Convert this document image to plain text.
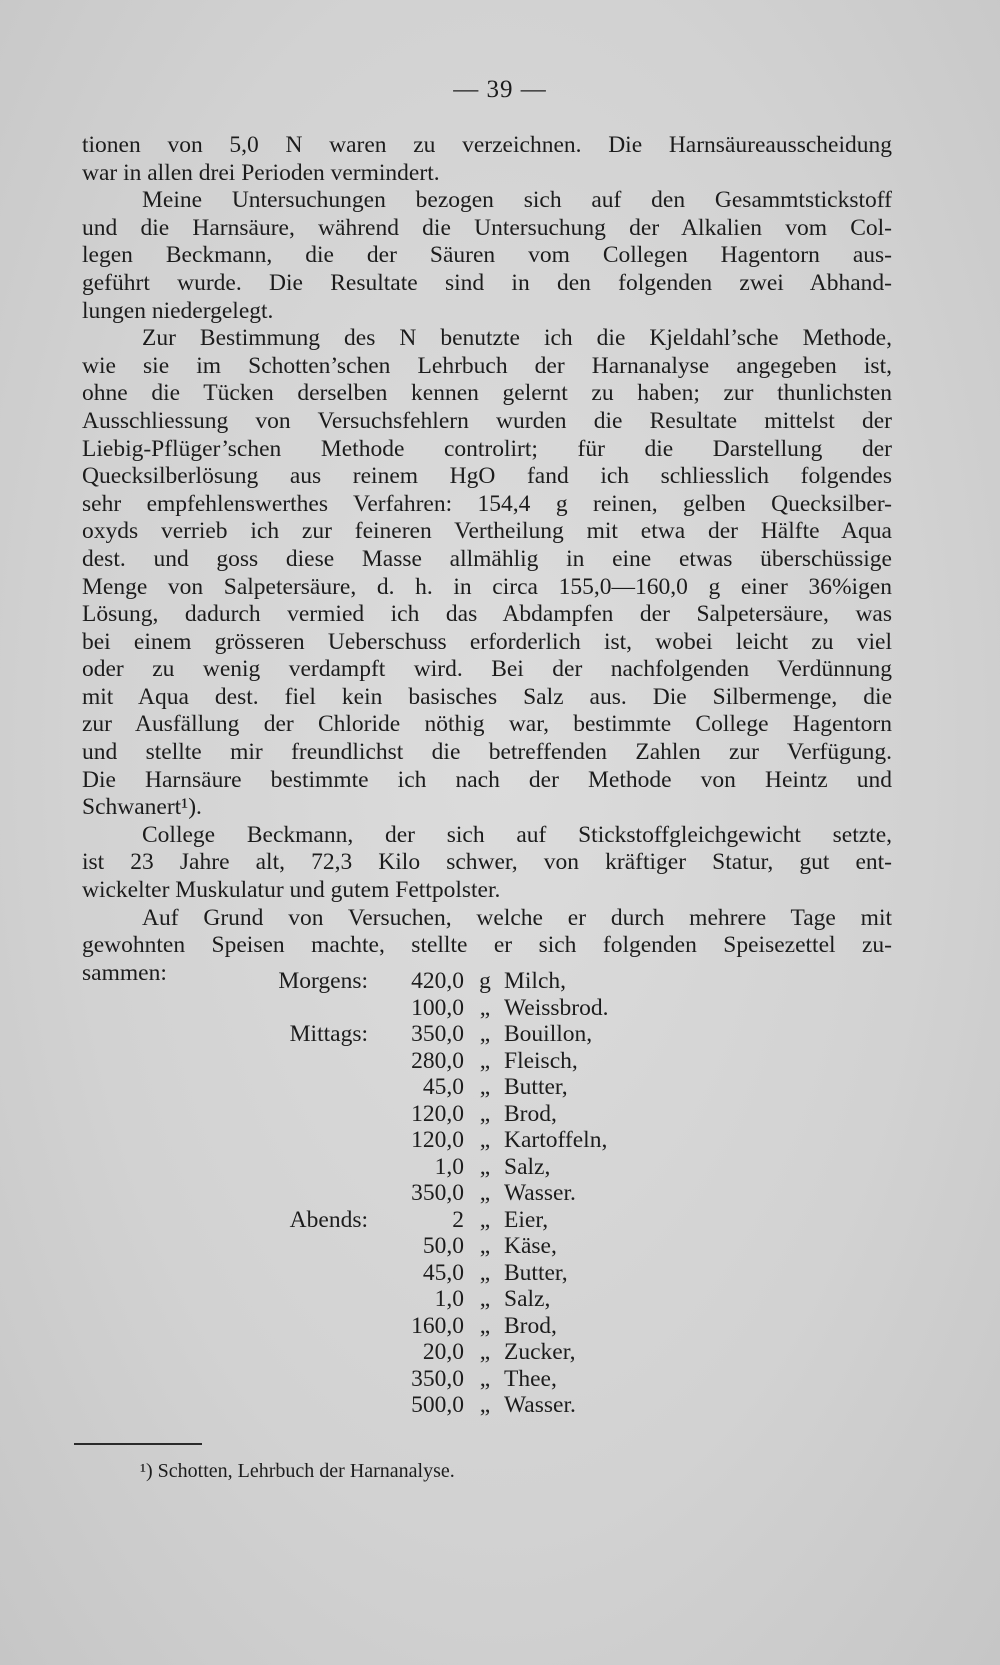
— 39 —
tionen von 5,0 N waren zu verzeichnen. Die Harnsäureausscheidung
war in allen drei Perioden vermindert.
Meine Untersuchungen bezogen sich auf den Gesammtstickstoff
und die Harnsäure, während die Untersuchung der Alkalien vom Col-
legen Beckmann, die der Säuren vom Collegen Hagentorn aus-
geführt wurde. Die Resultate sind in den folgenden zwei Abhand-
lungen niedergelegt.
Zur Bestimmung des N benutzte ich die Kjeldahl’sche Methode,
wie sie im Schotten’schen Lehrbuch der Harnanalyse angegeben ist,
ohne die Tücken derselben kennen gelernt zu haben; zur thunlichsten
Ausschliessung von Versuchsfehlern wurden die Resultate mittelst der
Liebig-Pflüger’schen Methode controlirt; für die Darstellung der
Quecksilberlösung aus reinem HgO fand ich schliesslich folgendes
sehr empfehlenswerthes Verfahren: 154,4 g reinen, gelben Quecksilber-
oxyds verrieb ich zur feineren Vertheilung mit etwa der Hälfte Aqua
dest. und goss diese Masse allmählig in eine etwas überschüssige
Menge von Salpetersäure, d. h. in circa 155,0—160,0 g einer 36%igen
Lösung, dadurch vermied ich das Abdampfen der Salpetersäure, was
bei einem grösseren Ueberschuss erforderlich ist, wobei leicht zu viel
oder zu wenig verdampft wird. Bei der nachfolgenden Verdünnung
mit Aqua dest. fiel kein basisches Salz aus. Die Silbermenge, die
zur Ausfällung der Chloride nöthig war, bestimmte College Hagentorn
und stellte mir freundlichst die betreffenden Zahlen zur Verfügung.
Die Harnsäure bestimmte ich nach der Methode von Heintz und
Schwanert¹).
College Beckmann, der sich auf Stickstoffgleichgewicht setzte,
ist 23 Jahre alt, 72,3 Kilo schwer, von kräftiger Statur, gut ent-
wickelter Muskulatur und gutem Fettpolster.
Auf Grund von Versuchen, welche er durch mehrere Tage mit
gewohnten Speisen machte, stellte er sich folgenden Speisezettel zu-
sammen:	Morgens: 420,0 g Milch,
100,0 „ Weissbrod.
Mittags: 350,0 „ Bouillon,
280,0 „ Fleisch,
45,0 „ Butter,
120,0 „ Brod,
120,0 „ Kartoffeln,
1,0 „ Salz,
350,0 „ Wasser.
Abends:	2 „ Eier,
50,0 „ Käse,
45,0 „ Butter,
1,0 „ Salz,
160,0 „ Brod,
20,0 „ Zucker,
350,0 „ Thee,
500,0 „ Wasser.
¹) Schotten, Lehrbuch der Harnanalyse.
